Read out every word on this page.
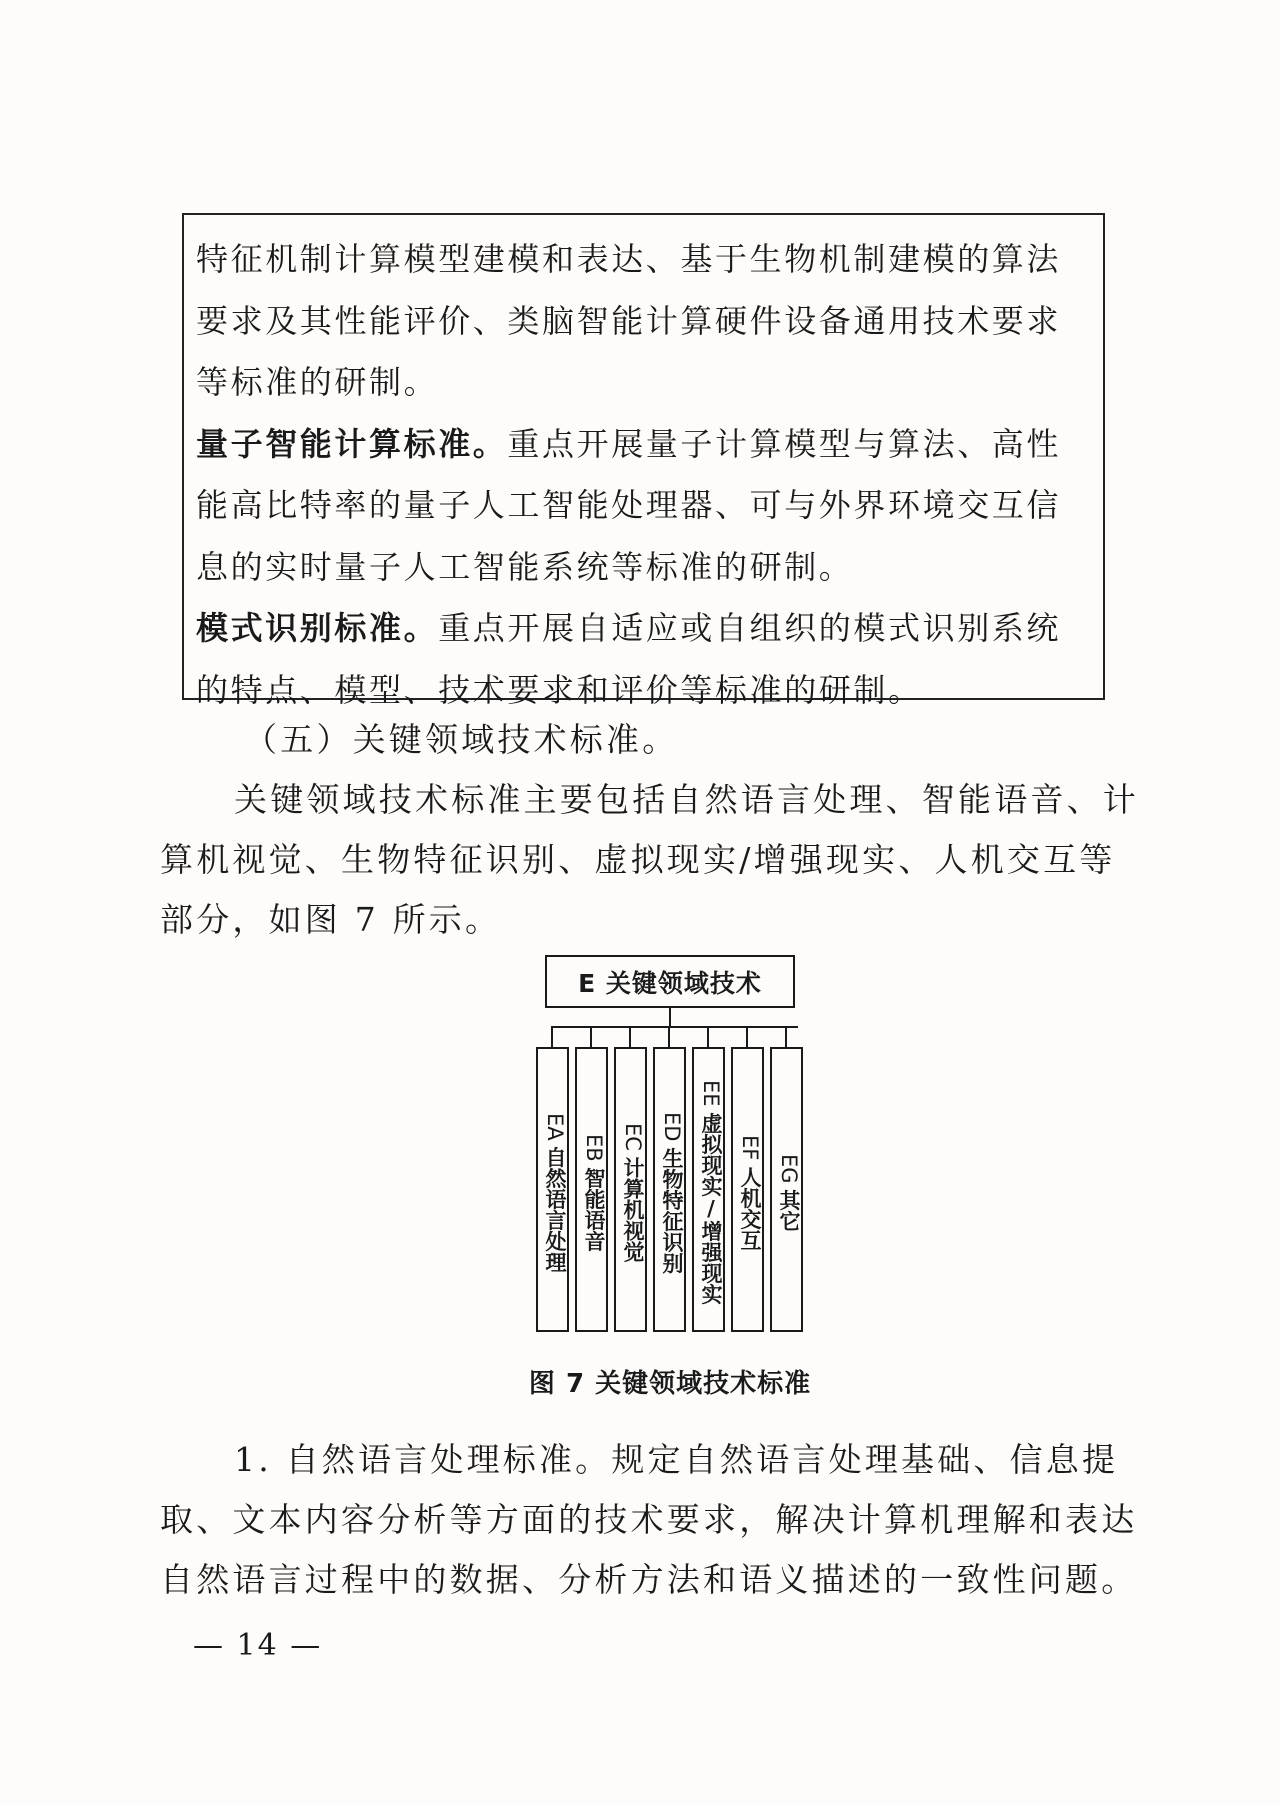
特征机制计算模型建模和表达、基于生物机制建模的算法

要求及其性能评价、类脑智能计算硬件设备通用技术要求

等标准的研制。

量子智能计算标准。重点开展量子计算模型与算法、高性

能高比特率的量子人工智能处理器、可与外界环境交互信

息的实时量子人工智能系统等标准的研制。

模式识别标准。重点开展自适应或自组织的模式识别系统

的特点、模型、技术要求和评价等标准的研制。

（五）关键领域技术标准。
关键领域技术标准主要包括自然语言处理、智能语音、计
算机视觉、生物特征识别、虚拟现实/增强现实、人机交互等
部分，如图 7 所示。
E 关键领域技术
EA自然语言处理 EB智能语音
EC计算机视觉
ED生物特征识别
EE虚拟现实/增强现实 EF人机交互 EG其它
图 7 关键领域技术标准
1. 自然语言处理标准。规定自然语言处理基础、信息提
取、文本内容分析等方面的技术要求，解决计算机理解和表达
自然语言过程中的数据、分析方法和语义描述的一致性问题。
— 14 —
